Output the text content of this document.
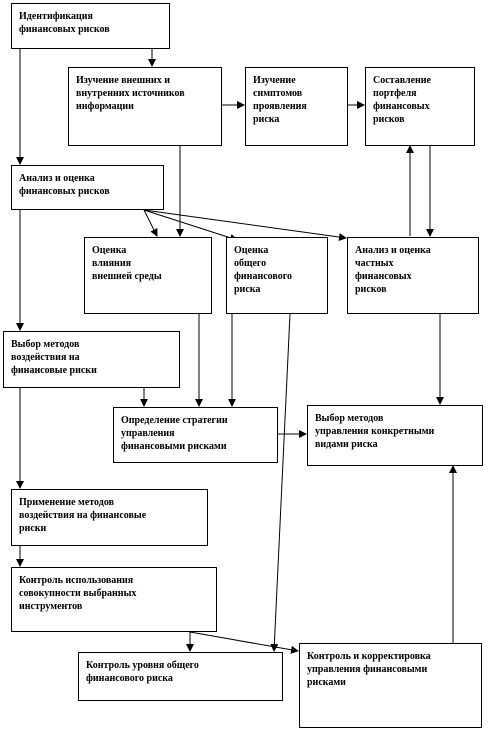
Идентификация
финансовых рисков
Изучение внешних и
внутренних источников
информации
Изучение
симптомов
проявления
риска
Составление
портфеля
финансовых
рисков
Анализ и оценка
финансовых рисков
Оценка
влияния
внешней среды
Оценка
общего
финансового
риска
Анализ и оценка
частных
финансовых
рисков
Выбор методов
воздействия на
финансовые риски
Определение стратегии
управления
финансовыми рисками
Выбор методов
управления конкретными
видами риска
Применение методов
воздействия на финансовые
риски
Контроль использования
совокупности выбранных
инструментов
Контроль уровня общего
финансового риска
Контроль и корректировка
управления финансовыми
рисками
